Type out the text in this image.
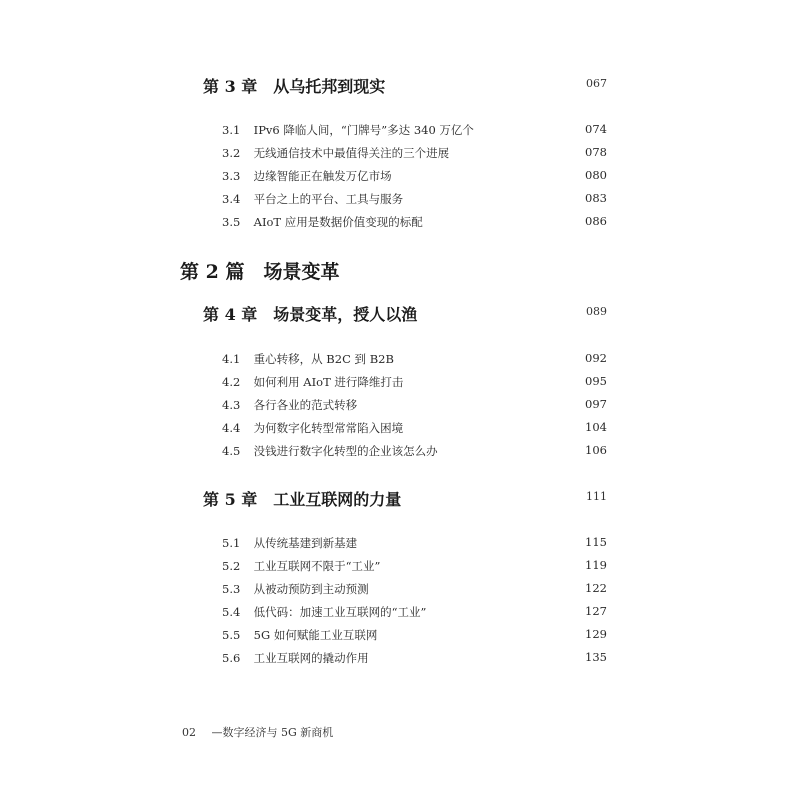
第 3 章　从乌托邦到现实	067
3.1 IPv6 降临人间，“门牌号”多达 340 万亿个	074
3.2 无线通信技术中最值得关注的三个进展	078
3.3 边缘智能正在触发万亿市场	080
3.4 平台之上的平台、工具与服务	083
3.5 AIoT 应用是数据价值变现的标配	086
第 2 篇　场景变革
第 4 章　场景变革，授人以渔	089
4.1 重心转移，从 B2C 到 B2B	092
4.2 如何利用 AIoT 进行降维打击	095
4.3 各行各业的范式转移	097
4.4 为何数字化转型常常陷入困境	104
4.5 没钱进行数字化转型的企业该怎么办	106
第 5 章　工业互联网的力量	111
5.1 从传统基建到新基建	115
5.2 工业互联网不限于“工业”	119
5.3 从被动预防到主动预测	122
5.4 低代码：加速工业互联网的“工业”	127
5.5 5G 如何赋能工业互联网	129
5.6 工业互联网的撬动作用	135
02 —数字经济与 5G 新商机
